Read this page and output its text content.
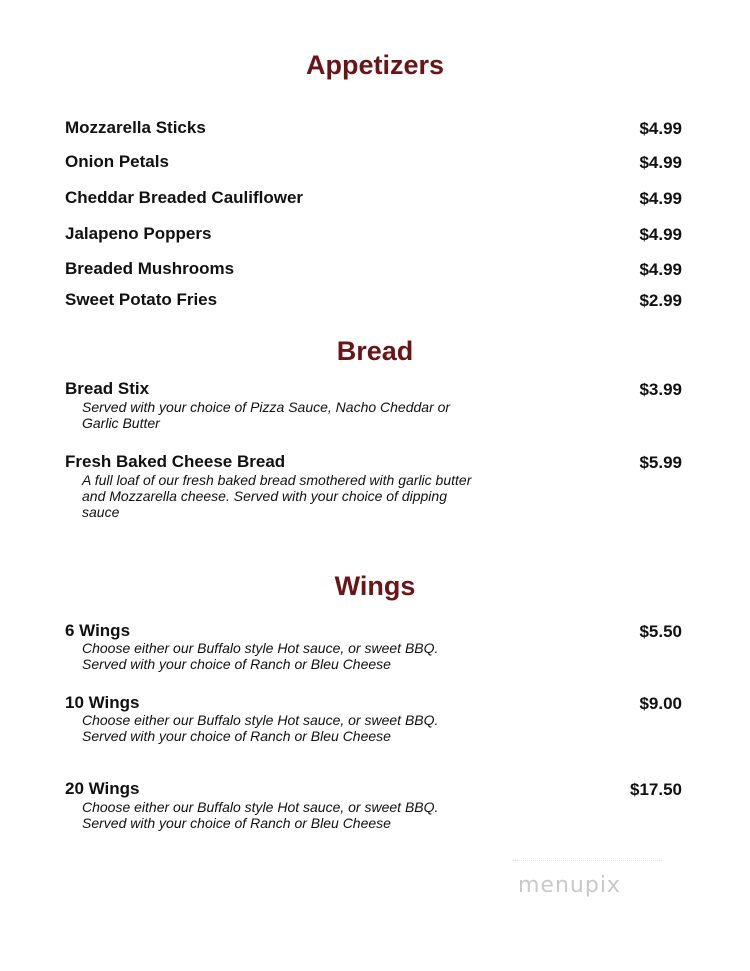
Appetizers
Mozzarella Sticks	$4.99
Onion Petals	$4.99
Cheddar Breaded Cauliflower	$4.99
Jalapeno Poppers	$4.99
Breaded Mushrooms	$4.99
Sweet Potato Fries	$2.99
Bread
Bread Stix	$3.99
Served with your choice of Pizza Sauce, Nacho Cheddar or
Garlic Butter
Fresh Baked Cheese Bread	$5.99
A full loaf of our fresh baked bread smothered with garlic butter
and Mozzarella cheese. Served with your choice of dipping
sauce
Wings
6 Wings	$5.50
Choose either our Buffalo style Hot sauce, or sweet BBQ.
Served with your choice of Ranch or Bleu Cheese
10 Wings	$9.00
Choose either our Buffalo style Hot sauce, or sweet BBQ.
Served with your choice of Ranch or Bleu Cheese
20 Wings	$17.50
Choose either our Buffalo style Hot sauce, or sweet BBQ.
Served with your choice of Ranch or Bleu Cheese
menupix
